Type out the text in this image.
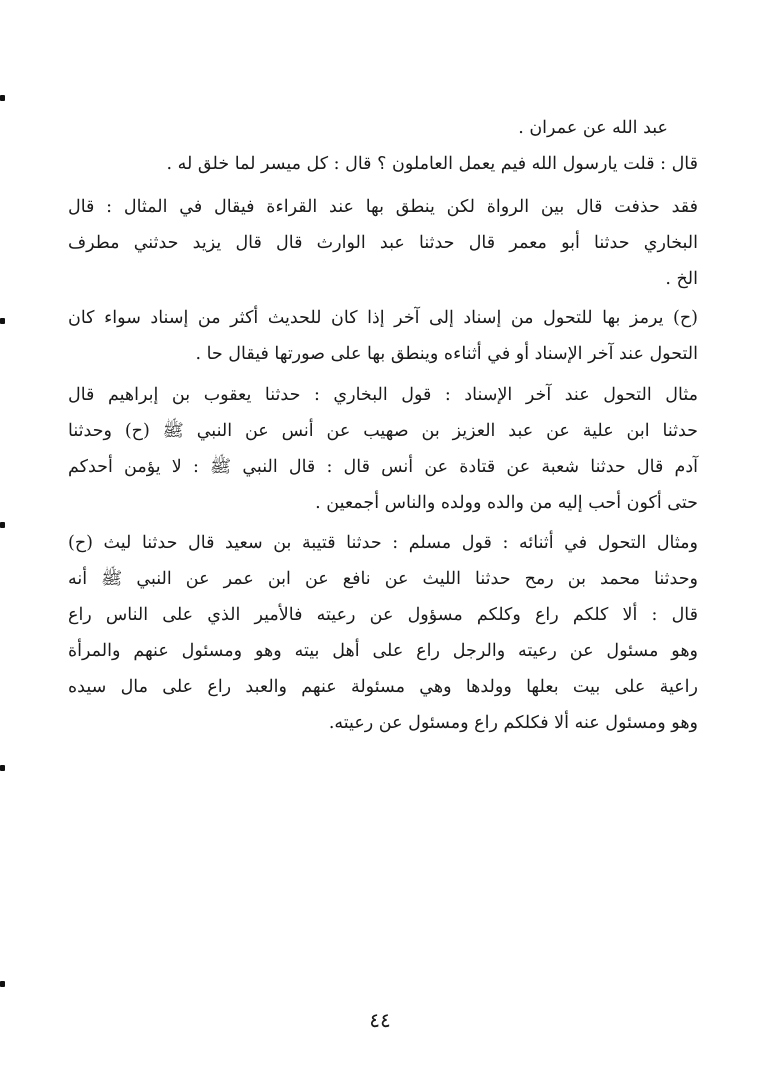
عبد الله عن عمران .
قال : قلت يارسول الله فيم يعمل العاملون ؟ قال : كل ميسر لما خلق له .
فقد حذفت قال بين الرواة لكن ينطق بها عند القراءة فيقال في المثال : قال
البخاري حدثنا أبو معمر قال حدثنا عبد الوارث قال قال يزيد حدثني مطرف
الخ .
(ح) يرمز بها للتحول من إسناد إلى آخر إذا كان للحديث أكثر من إسناد سواء كان
التحول عند آخر الإسناد أو في أثناءه وينطق بها على صورتها فيقال حا .
مثال التحول عند آخر الإسناد : قول البخاري : حدثنا يعقوب بن إبراهيم قال
حدثنا ابن علية عن عبد العزيز بن صهيب عن أنس عن النبي ﷺ (ح) وحدثنا
آدم قال حدثنا شعبة عن قتادة عن أنس قال : قال النبي ﷺ : لا يؤمن أحدكم
حتى أكون أحب إليه من والده وولده والناس أجمعين .
ومثال التحول في أثنائه : قول مسلم : حدثنا قتيبة بن سعيد قال حدثنا ليث (ح)
وحدثنا محمد بن رمح حدثنا الليث عن نافع عن ابن عمر عن النبي ﷺ أنه
قال : ألا كلكم راع وكلكم مسؤول عن رعيته فالأمير الذي على الناس راع
وهو مسئول عن رعيته والرجل راع على أهل بيته وهو ومسئول عنهم والمرأة
راعية على بيت بعلها وولدها وهي مسئولة عنهم والعبد راع على مال سيده
وهو ومسئول عنه ألا فكلكم راع ومسئول عن رعيته.
٤٤
